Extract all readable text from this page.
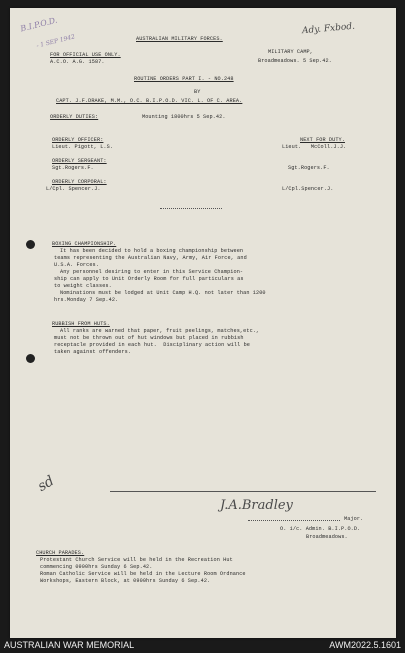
B.I.P.O.D.
- 1 SEP 1942
Ady. Fxbod.
AUSTRALIAN MILITARY FORCES.
FOR OFFICIAL USE ONLY.
A.C.O. A.G. 1587.
MILITARY CAMP,
Broadmeadows. 5 Sep.42.
ROUTINE ORDERS PART I. - NO.248
BY
CAPT. J.F.DRAKE, M.M., O.C. B.I.P.O.D. VIC. L. OF C. AREA.
ORDERLY DUTIES:	Mounting 1800hrs 5 Sep.42.
NEXT FOR DUTY.
ORDERLY OFFICER:
Lieut. Pigott, L.S.	Lieut.   McColl.J.J.
ORDERLY SERGEANT:
Sgt.Rogers.F.	Sgt.Rogers.F.
ORDERLY CORPORAL:
L/Cpl. Spencer.J.	L/Cpl.Spencer.J.
BOXING CHAMPIONSHIP.
It has been decided to hold a boxing championship between
teams representing the Australian Navy, Army, Air Force, and
U.S.A. Forces.
Any personnel desiring to enter in this Service Champion-
ship can apply to Unit Orderly Room for full particulars as
to weight classes.
Nominations must be lodged at Unit Camp H.Q. not later than 1200
hrs.Monday 7 Sep.42.
RUBBISH FROM HUTS.
All ranks are warned that paper, fruit peelings, matches,etc.,
must not be thrown out of hut windows but placed in rubbish
receptacle provided in each hut.  Disciplinary action will be
taken against offenders.
sd
J.A.Bradley
Major.
O. i/c. Admin. B.I.P.O.D.
Broadmeadows.
CHURCH PARADES.
Protestant Church Service will be held in the Recreation Hut
commencing 0900hrs Sunday 6 Sep.42.
Roman Catholic Service will be held in the Lecture Room Ordnance
Workshops, Eastern Block, at 0900hrs Sunday 6 Sep.42.
AUSTRALIAN WAR MEMORIAL	AWM2022.5.1601
